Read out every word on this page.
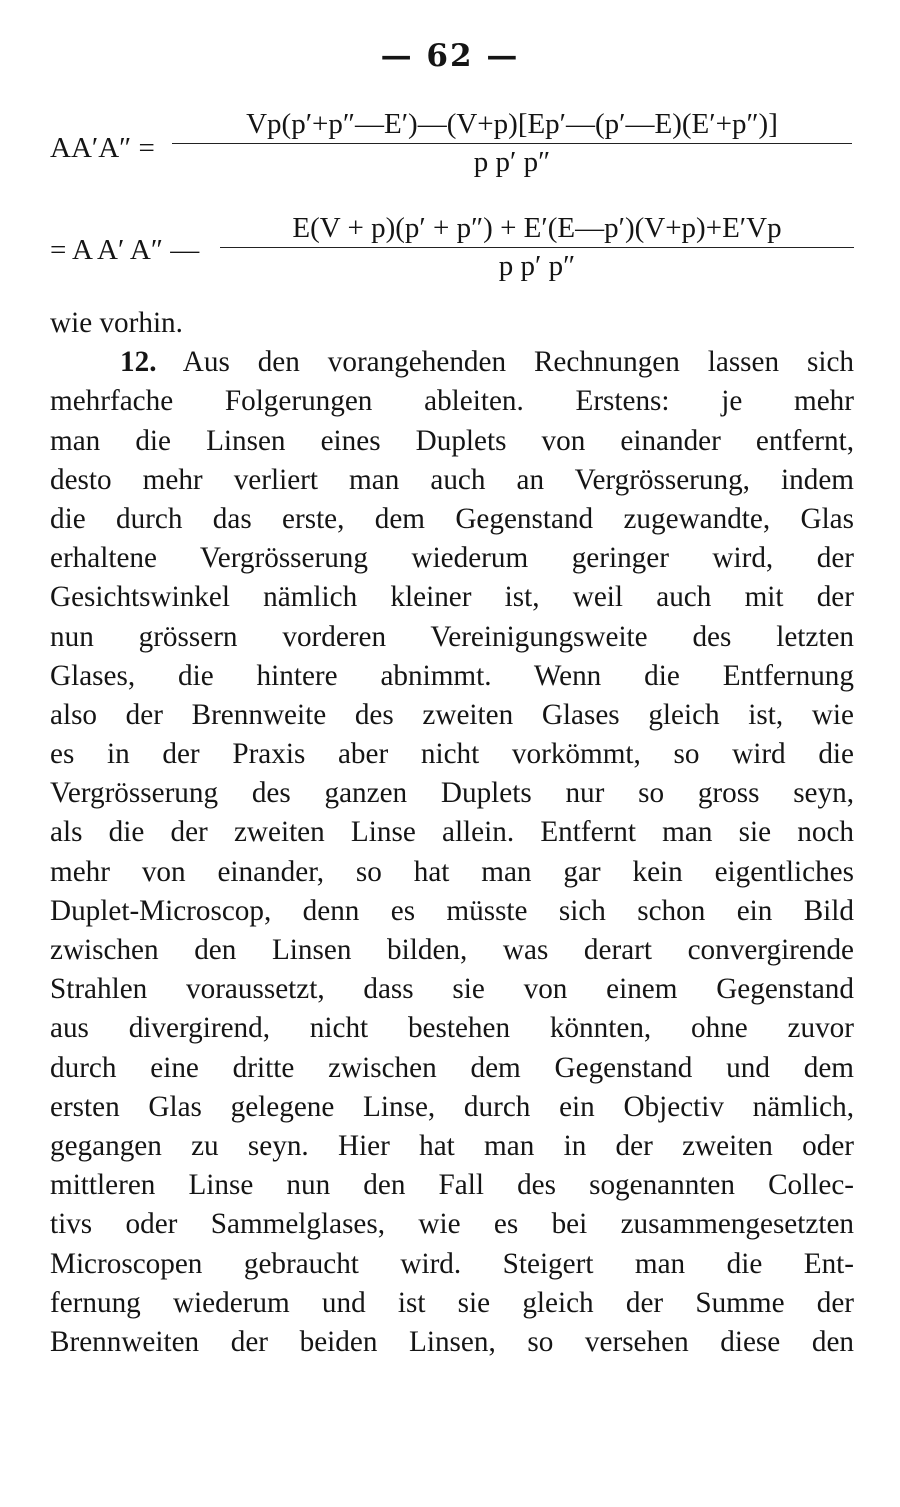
— 62 —
$AA'A'' = \frac{Vp(p'+p''—E')—(V+p)[Ep'—(p'—E)(E'+p'')]}{\text{p p′ p″}}$
= A A′ A″ — $\frac{E(V + p)(p' + p'') + E'(E—p')(V+p)+E'Vp}{\text{p p′ p″}}$
wie vorhin.
12. Aus den vorangehenden Rechnungen lassen sich
mehrfache Folgerungen ableiten. Erstens: je mehr
man die Linsen eines Duplets von einander entfernt,
desto mehr verliert man auch an Vergrösserung, indem
die durch das erste, dem Gegenstand zugewandte, Glas
erhaltene Vergrösserung wiederum geringer wird, der
Gesichtswinkel nämlich kleiner ist, weil auch mit der
nun grössern vorderen Vereinigungsweite des letzten
Glases, die hintere abnimmt. Wenn die Entfernung
also der Brennweite des zweiten Glases gleich ist, wie
es in der Praxis aber nicht vorkömmt, so wird die
Vergrösserung des ganzen Duplets nur so gross seyn,
als die der zweiten Linse allein. Entfernt man sie noch
mehr von einander, so hat man gar kein eigentliches
Duplet-Microscop, denn es müsste sich schon ein Bild
zwischen den Linsen bilden, was derart convergirende
Strahlen voraussetzt, dass sie von einem Gegenstand
aus divergirend, nicht bestehen könnten, ohne zuvor
durch eine dritte zwischen dem Gegenstand und dem
ersten Glas gelegene Linse, durch ein Objectiv nämlich,
gegangen zu seyn. Hier hat man in der zweiten oder
mittleren Linse nun den Fall des sogenannten Collec-
tivs oder Sammelglases, wie es bei zusammengesetzten
Microscopen gebraucht wird. Steigert man die Ent-
fernung wiederum und ist sie gleich der Summe der
Brennweiten der beiden Linsen, so versehen diese den
